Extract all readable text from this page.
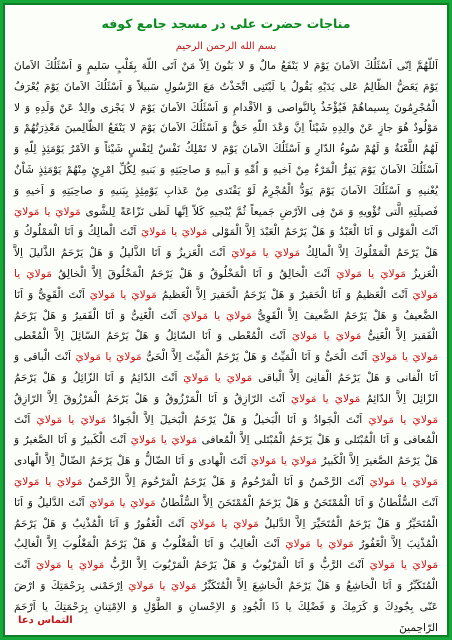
مناجات حضرت علی در مسجد جامع کوفه
بسم الله الرحمن الرحيم
اَللّهُمَّ اِنّى اَسْئَلُكَ الاَمانَ يَوْمَ لا يَنْفَعُ مالٌ وَ لا بَنُونَ اِلاّ مَنْ اَتَى اللّهَ بِقَلْبٍ سَليمٍ وَ اَسْئَلُكَ الاَمانَ يَوْمَ يَعَضُّ الظّالِمُ عَلى يَدَيْهِ يَقُولُ يا لَيْتَنِى اتَّخَذْتُ مَعَ الرَّسُولِ سَبيلاً وَ اَسْئَلُكَ الاَمانَ يَوْمَ يُعْرَفُ الْمُجْرِمُونَ بِسيماهُمْ فَيُؤْخَذُ بِالنَّواصى وَ الاَقْدامِ وَ اَسْئَلُكَ الاَمانَ يَوْمَ لا يَجْزى والِدٌ عَنْ وَلَدِهِ وَ لا مَوْلُودٌ هُوَ جازٍ عَنْ والِدِهِ شَيْئاً اِنَّ وَعْدَ اللّهِ حَقٌّ وَ اَسْئَلُكَ الاَمانَ يَوْمَ لا يَنْفَعُ الظّالِمينَ مَعْذِرَتُهُمْ وَ لَهُمُ اللَّعْنَةُ وَ لَهُمْ سُوءُ الدّارِ وَ اَسْئَلُكَ الاَمانَ يَوْمَ لا تَمْلِكُ نَفْسٌ لِنَفْسٍ شَيْئاً وَ الاَمْرُ يَوْمَئِذٍ لِلّهِ وَ اَسْئَلُكَ الاَمانَ يَوْمَ يَفِرُّ الْمَرْءُ مِنْ اَخيهِ وَ اُمِّهِ وَ اَبيهِ وَ صاحِبَتِهِ وَ بَنيهِ لِكُلِّ امْرِئٍ مِنْهُمْ يَوْمَئِذٍ شَاْنٌ يُغْنيهِ وَ اَسْئَلُكَ الاَمانَ يَوْمَ يَوَدُّ الْمُجْرِمُ لَوْ يَفْتَدى مِنْ عَذابِ يَوْمِئِذٍ بِبَنيهِ وَ صاحِبَتِهِ وَ اَخيهِ وَ فَصيلَتِهِ الَّتى تُؤْويهِ وَ مَنْ فِى الاَرْضِ جَميعاً ثُمَّ يُنْجيهِ كَلاّ اِنَّها لَظى نَزّاعَةً لِلشَّوى مَولايَ يا مَولايَ اَنْتَ الْمَوْلى وَ اَنَا الْعَبْدُ وَ هَلْ يَرْحَمُ الْعَبْدَ اِلاَّ الْمَوْلى مَولايَ يا مَولايَ اَنْتَ الْمالِكُ وَ اَنَا الْمَمْلُوكُ وَ هَلْ يَرْحَمُ الْمَمْلُوكَ اِلاَّ الْمالِكُ مَولايَ يا مَولايَ اَنْتَ الْعَزيزُ وَ اَنَا الذَّليلُ وَ هَلْ يَرْحَمُ الذَّليلَ اِلاَّ الْعَزيزُ مَولايَ يا مَولايَ اَنْتَ الْخالِقُ وَ اَنَا الْمَخْلُوقُ وَ هَلْ يَرْحَمُ الْمَخْلُوقَ اِلاَّ الْخالِقُ مَولايَ يا مَولايَ اَنْتَ الْعَظيمُ وَ اَنَا الْحَقيرُ وَ هَلْ يَرْحَمُ الْحَقيرَ اِلاَّ الْعَظيمُ مَولايَ يا مَولايَ اَنْتَ الْقَوِىُّ وَ اَنَا الضَّعيفُ وَ هَلْ يَرْحَمُ الضَّعيفَ اِلاَّ الْقَوِىُّ مَولايَ يا مَولايَ اَنْتَ الْغَنِىُّ وَ اَنَا الْفَقيرُ وَ هَلْ يَرْحَمُ الْفَقيرَ اِلاَّ الْغَنِىُّ مَولايَ يا مَولايَ اَنْتَ الْمُعْطى وَ اَنَا السّائِلُ وَ هَلْ يَرْحَمُ السّائِلَ اِلاَّ الْمُعْطى مَولايَ يا مَولايَ اَنْتَ الْحَىُّ وَ اَنَا الْمَيِّتُ وَ هَلْ يَرْحَمُ الْمَيِّتَ اِلاَّ الْحَىُّ مَولايَ يا مَولايَ اَنْتَ الْباقى وَ اَنَا الْفانى وَ هَلْ يَرْحَمُ الْفانِىَ اِلاَّ الْباقى مَولايَ يا مَولايَ اَنْتَ الدّائِمُ وَ اَنَا الزّائِلُ وَ هَلْ يَرْحَمُ الزّائِلَ اِلاَّ الدّائِمُ مَولايَ يا مَولايَ اَنْتَ الرّازِقُ وَ اَنَا الْمَرْزُوقُ وَ هَلْ يَرْحَمُ الْمَرْزُوقَ اِلاَّ الرّازِقُ مَولايَ يا مَولايَ اَنْتَ الْجَوادُ وَ اَنَا الْبَخيلُ وَ هَلْ يَرْحَمُ الْبَخيلَ اِلاَّ الْجَوادُ مَولايَ يا مَولايَ اَنْتَ الْمُعافى وَ اَنَا الْمُبْتَلى وَ هَلْ يَرْحَمُ الْمُبْتَلى اِلاَّ الْمُعافى مَولايَ يا مَولايَ اَنْتَ الْكَبيرُ وَ اَنَا الصَّغيرُ وَ هَلْ يَرْحَمُ الصَّغيرَ اِلاَّ الْكَبيرُ مَولايَ يا مَولايَ اَنْتَ الْهادى وَ اَنَا الضّالُّ وَ هَلْ يَرْحَمُ الضّالَّ اِلاَّ الْهادى مَولايَ يا مَولايَ اَنْتَ الرَّحْمنُ وَ اَنَا الْمَرْحُومُ وَ هَلْ يَرْحَمُ الْمَرْحُومَ اِلاَّ الرَّحْمنُ مَولايَ يا مَولايَ اَنْتَ السُّلْطانُ وَ اَنَا الْمُمْتَحَنُ وَ هَلْ يَرْحَمُ الْمُمْتَحَنَ اِلاَّ السُّلْطانُ مَولايَ يا مَولايَ اَنْتَ الدَّليلُ وَ اَنَا الْمُتَحَيِّرُ وَ هَلْ يَرْحَمُ الْمُتَحَيِّرَ اِلاَّ الدَّليلُ مَولايَ يا مَولايَ اَنْتَ الْغَفُورُ وَ اَنَا الْمُذْنِبُ وَ هَلْ يَرْحَمُ الْمُذْنِبَ اِلاَّ الْغَفُورُ مَولايَ يا مَولايَ اَنْتَ الْغالِبُ وَ اَنَا الْمَغْلُوبُ وَ هَلْ يَرْحَمُ الْمَغْلُوبَ اِلاَّ الْغالِبُ مَولايَ يا مَولايَ اَنْتَ الرَّبُّ وَ اَنَا الْمَرْبُوبُ وَ هَلْ يَرْحَمُ الْمَرْبُوبَ اِلاَّ الرَّبُّ مَولايَ يا مَولايَ اَنْتَ الْمُتَكَبِّرُ وَ اَنَا الْخاشِعُ وَ هَلْ يَرْحَمُ الْخاشِعَ اِلاَّ الْمُتَكَبِّرُ مَولايَ يا مَولايَ اِرْحَمْنى بِرَحْمَتِكَ وَ ارْضَ عَنّى بِجُودِكَ وَ كَرَمِكَ وَ فَضْلِكَ يا ذَا الْجُودِ وَ الاِحْسانِ وَ الطَّوْلِ وَ الاِمْتِنانِ بِرَحْمَتِكَ يا اَرْحَمَ الرّاحِمينَ
التماس دعا
